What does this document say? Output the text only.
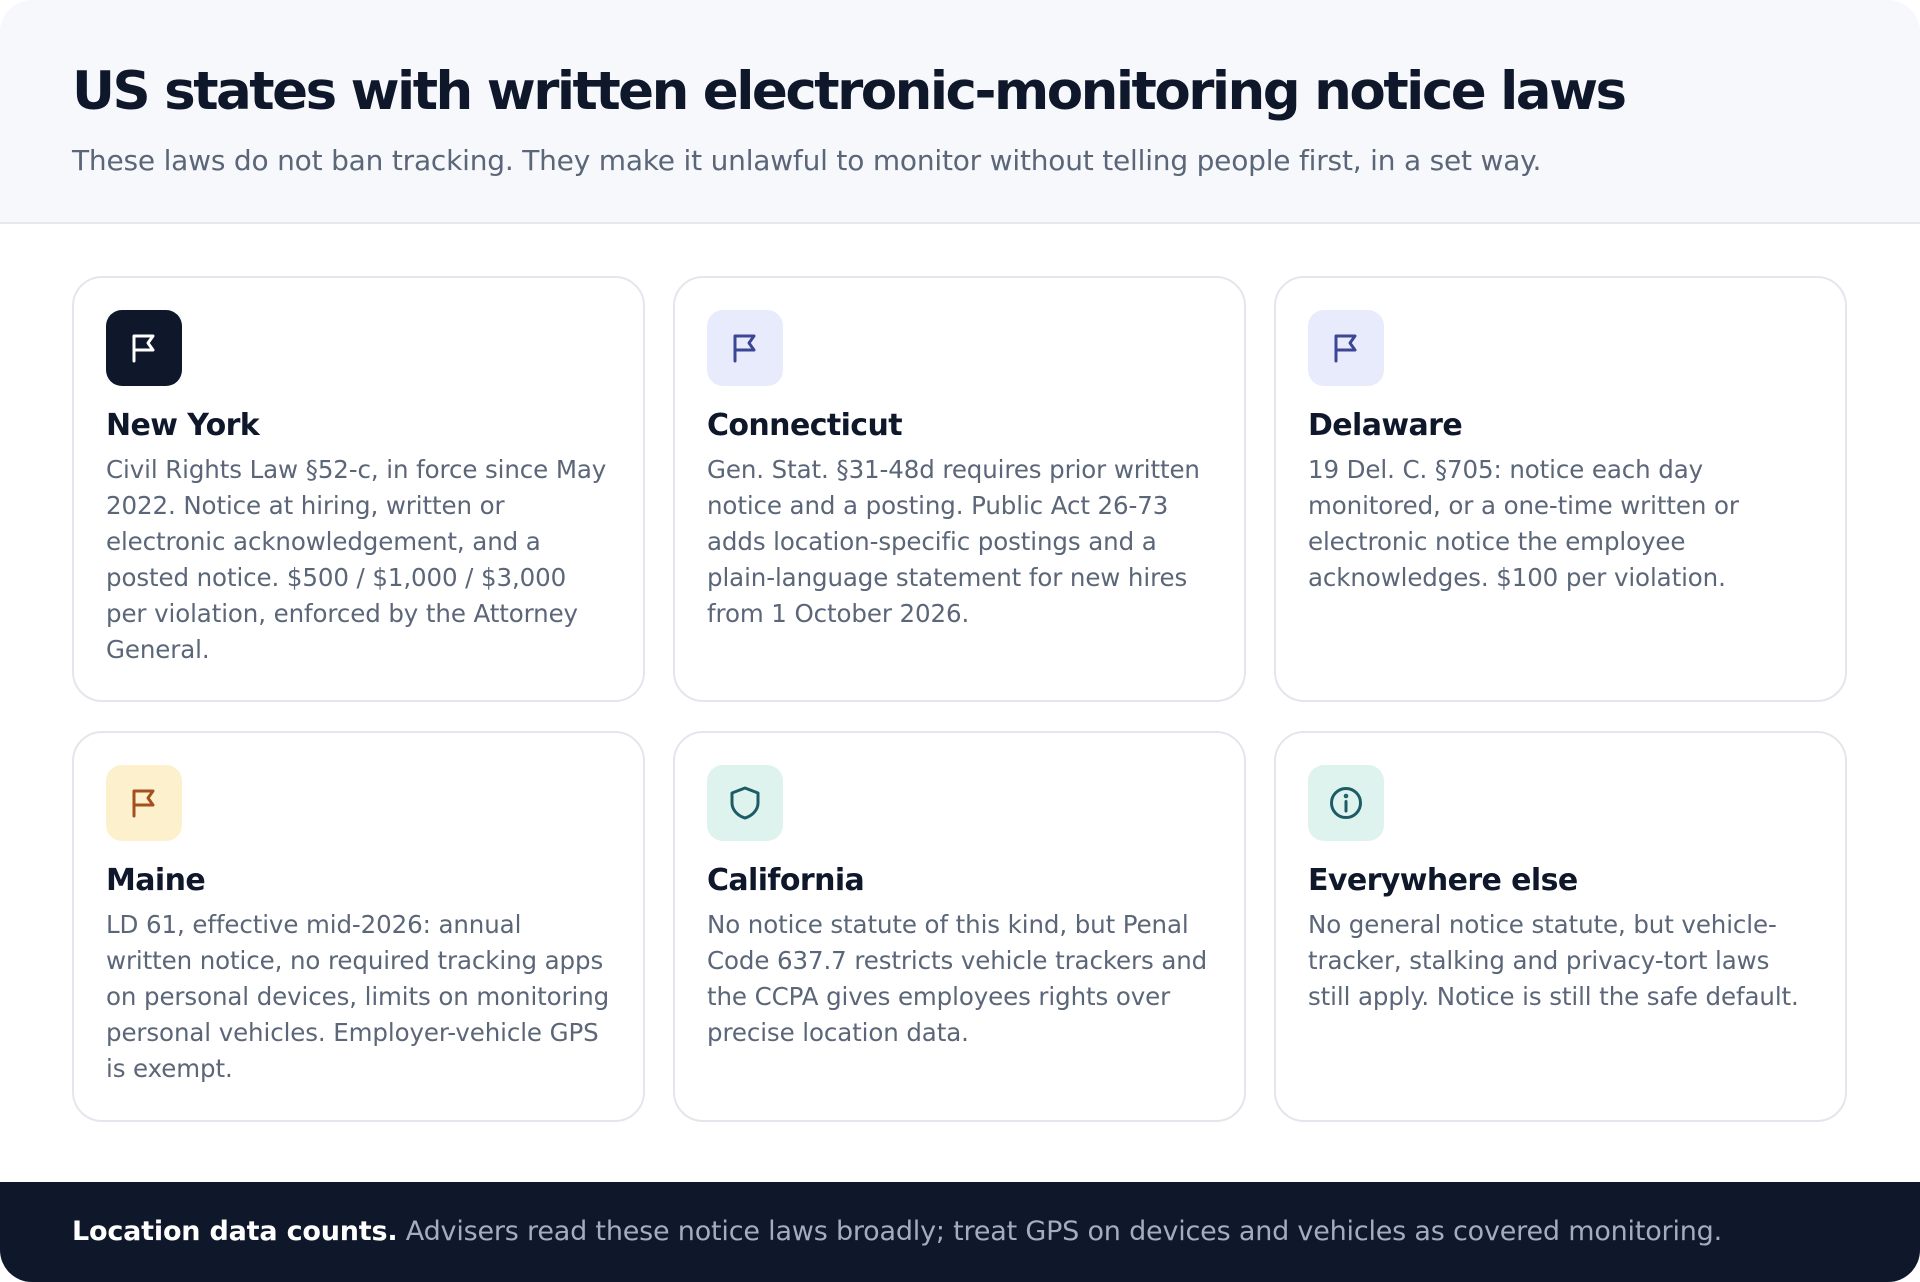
US states with written electronic-monitoring notice laws
These laws do not ban tracking. They make it unlawful to monitor without telling people first, in a set way.
New York
Civil Rights Law §52-c, in force since May 2022. Notice at hiring, written or electronic acknowledgement, and a posted notice. $500 / $1,000 / $3,000 per violation, enforced by the Attorney General.
Connecticut
Gen. Stat. §31-48d requires prior written notice and a posting. Public Act 26-73 adds location-specific postings and a plain-language statement for new hires from 1 October 2026.
Delaware
19 Del. C. §705: notice each day monitored, or a one-time written or electronic notice the employee acknowledges. $100 per violation.
Maine
LD 61, effective mid-2026: annual written notice, no required tracking apps on personal devices, limits on monitoring personal vehicles. Employer-vehicle GPS is exempt.
California
No notice statute of this kind, but Penal Code 637.7 restricts vehicle trackers and the CCPA gives employees rights over precise location data.
Everywhere else
No general notice statute, but vehicle-tracker, stalking and privacy-tort laws still apply. Notice is still the safe default.
Location data counts. Advisers read these notice laws broadly; treat GPS on devices and vehicles as covered monitoring.
